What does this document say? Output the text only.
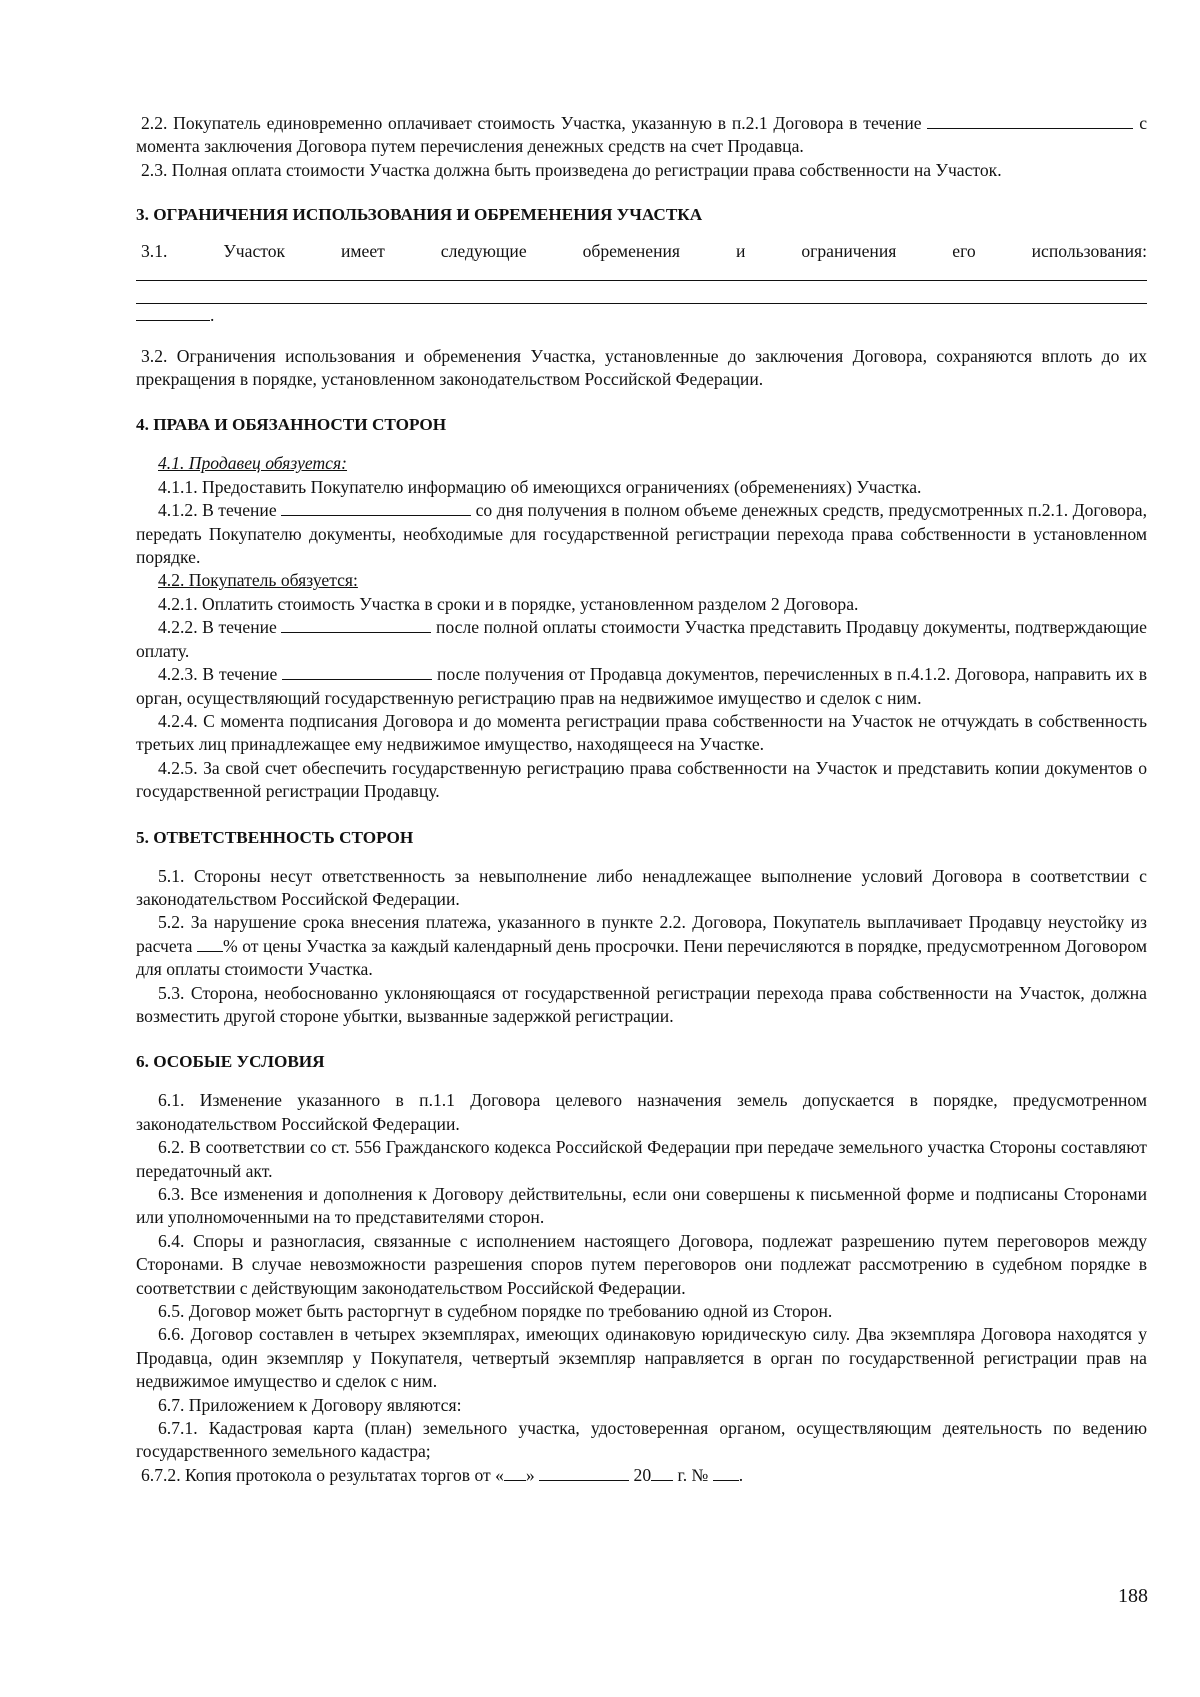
2.2. Покупатель единовременно оплачивает стоимость Участка, указанную в п.2.1 Договора в течение	с момента заключения Договора путем перечисления денежных средств на счет Продавца.

2.3. Полная оплата стоимости Участка должна быть произведена до регистрации права собственности на Участок.

3. ОГРАНИЧЕНИЯ ИСПОЛЬЗОВАНИЯ И ОБРЕМЕНЕНИЯ УЧАСТКА
3.1.	Участок	имеет	следующие	обременения	и	ограничения	его	использования:

.

3.2. Ограничения использования и обременения Участка, установленные до заключения Договора, сохраняются вплоть до их прекращения в порядке, установленном законодательством Российской Федерации.

4. ПРАВА И ОБЯЗАННОСТИ СТОРОН

4.1. Продавец обязуется:

4.1.1. Предоставить Покупателю информацию об имеющихся ограничениях (обременениях) Участка.

4.1.2. В течение	со дня получения в полном объеме денежных средств, предусмотренных п.2.1. Договора, передать Покупателю документы, необходимые для государственной регистрации перехода права собственности в установленном порядке.

4.2. Покупатель обязуется:

4.2.1. Оплатить стоимость Участка в сроки и в порядке, установленном разделом 2 Договора.

4.2.2. В течение	после полной оплаты стоимости Участка представить Продавцу документы, подтверждающие оплату.

4.2.3. В течение	после получения от Продавца документов, перечисленных в п.4.1.2. Договора, направить их в орган, осуществляющий государственную регистрацию прав на недвижимое имущество и сделок с ним.

4.2.4. С момента подписания Договора и до момента регистрации права собственности на Участок не отчуждать в собственность третьих лиц принадлежащее ему недвижимое имущество, находящееся на Участке.

4.2.5. За свой счет обеспечить государственную регистрацию права собственности на Участок и представить копии документов о государственной регистрации Продавцу.

5. ОТВЕТСТВЕННОСТЬ СТОРОН

5.1. Стороны несут ответственность за невыполнение либо ненадлежащее выполнение условий Договора в соответствии с законодательством Российской Федерации.

5.2. За нарушение срока внесения платежа, указанного в пункте 2.2. Договора, Покупатель выплачивает Продавцу неустойку из расчета % от цены Участка за каждый календарный день просрочки. Пени перечисляются в порядке, предусмотренном Договором для оплаты стоимости Участка.

5.3. Сторона, необоснованно уклоняющаяся от государственной регистрации перехода права собственности на Участок, должна возместить другой стороне убытки, вызванные задержкой регистрации.

6. ОСОБЫЕ УСЛОВИЯ

6.1. Изменение указанного в п.1.1 Договора целевого назначения земель допускается в порядке, предусмотренном законодательством Российской Федерации.

6.2. В соответствии со ст. 556 Гражданского кодекса Российской Федерации при передаче земельного участка Стороны составляют передаточный акт.

6.3. Все изменения и дополнения к Договору действительны, если они совершены к письменной форме и подписаны Сторонами или уполномоченными на то представителями сторон.

6.4. Споры и разногласия, связанные с исполнением настоящего Договора, подлежат разрешению путем переговоров между Сторонами. В случае невозможности разрешения споров путем переговоров они подлежат рассмотрению в судебном порядке в соответствии с действующим законодательством Российской Федерации.

6.5. Договор может быть расторгнут в судебном порядке по требованию одной из Сторон.

6.6. Договор составлен в четырех экземплярах, имеющих одинаковую юридическую силу. Два экземпляра Договора находятся у Продавца, один экземпляр у Покупателя, четвертый экземпляр направляется в орган по государственной регистрации прав на недвижимое имущество и сделок с ним.

6.7. Приложением к Договору являются:

6.7.1. Кадастровая карта (план) земельного участка, удостоверенная органом, осуществляющим деятельность по ведению государственного земельного кадастра;

6.7.2. Копия протокола о результатах торгов от « »	20 г. № .

188
